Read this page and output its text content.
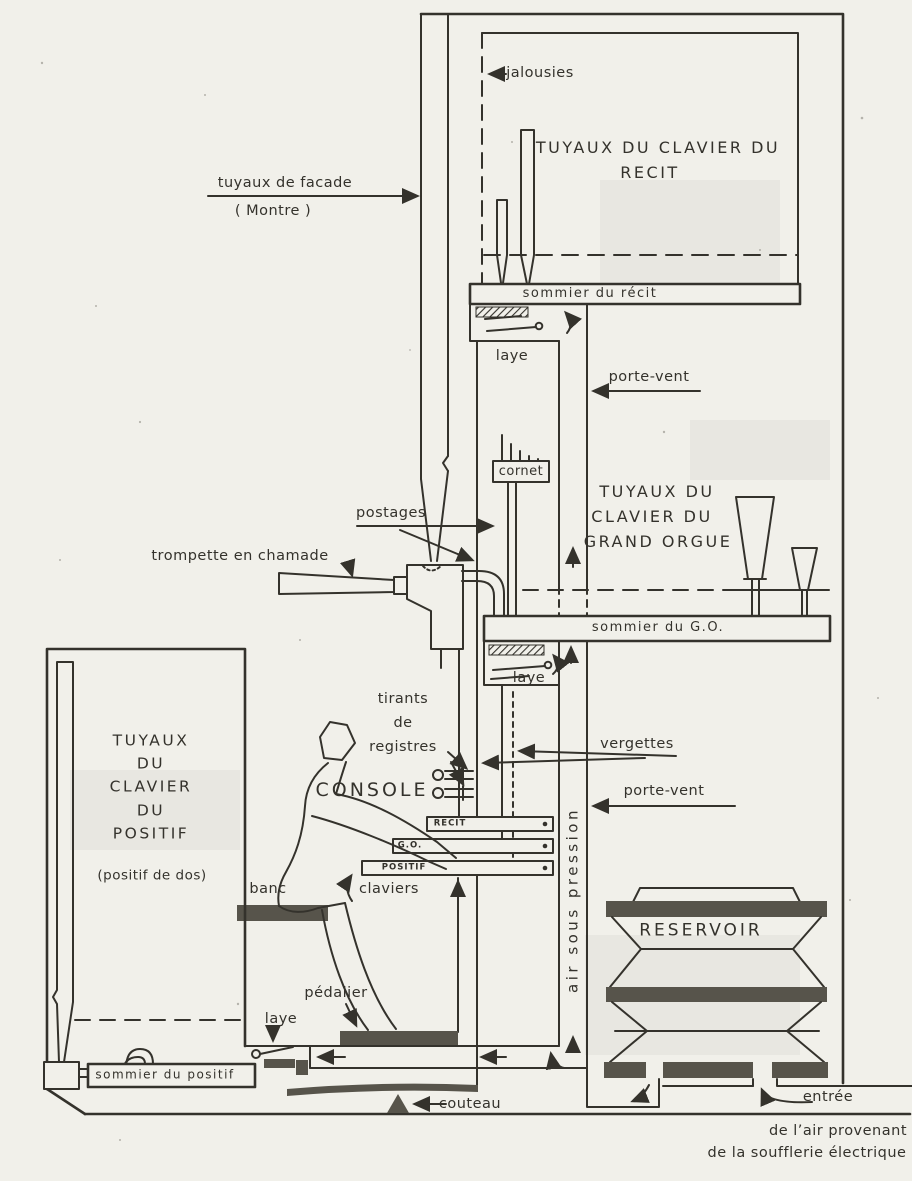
jalousies
tuyaux de facade
( Montre )
TUYAUX DU CLAVIER DU
RECIT
sommier du récit
laye
porte-vent
cornet
postages
TUYAUX DU
CLAVIER DU
GRAND ORGUE
trompette en chamade
sommier du G.O.
laye
tirants
de
registres
CONSOLE
vergettes
porte-vent
RECIT
G.O.
POSITIF
claviers
banc
pédalier
TUYAUX
DU
CLAVIER
DU
POSITIF
(positif de dos)
laye
sommier du positif
couteau
air sous pression	RESERVOIR
entrée
de l’air provenant
de la soufflerie électrique
